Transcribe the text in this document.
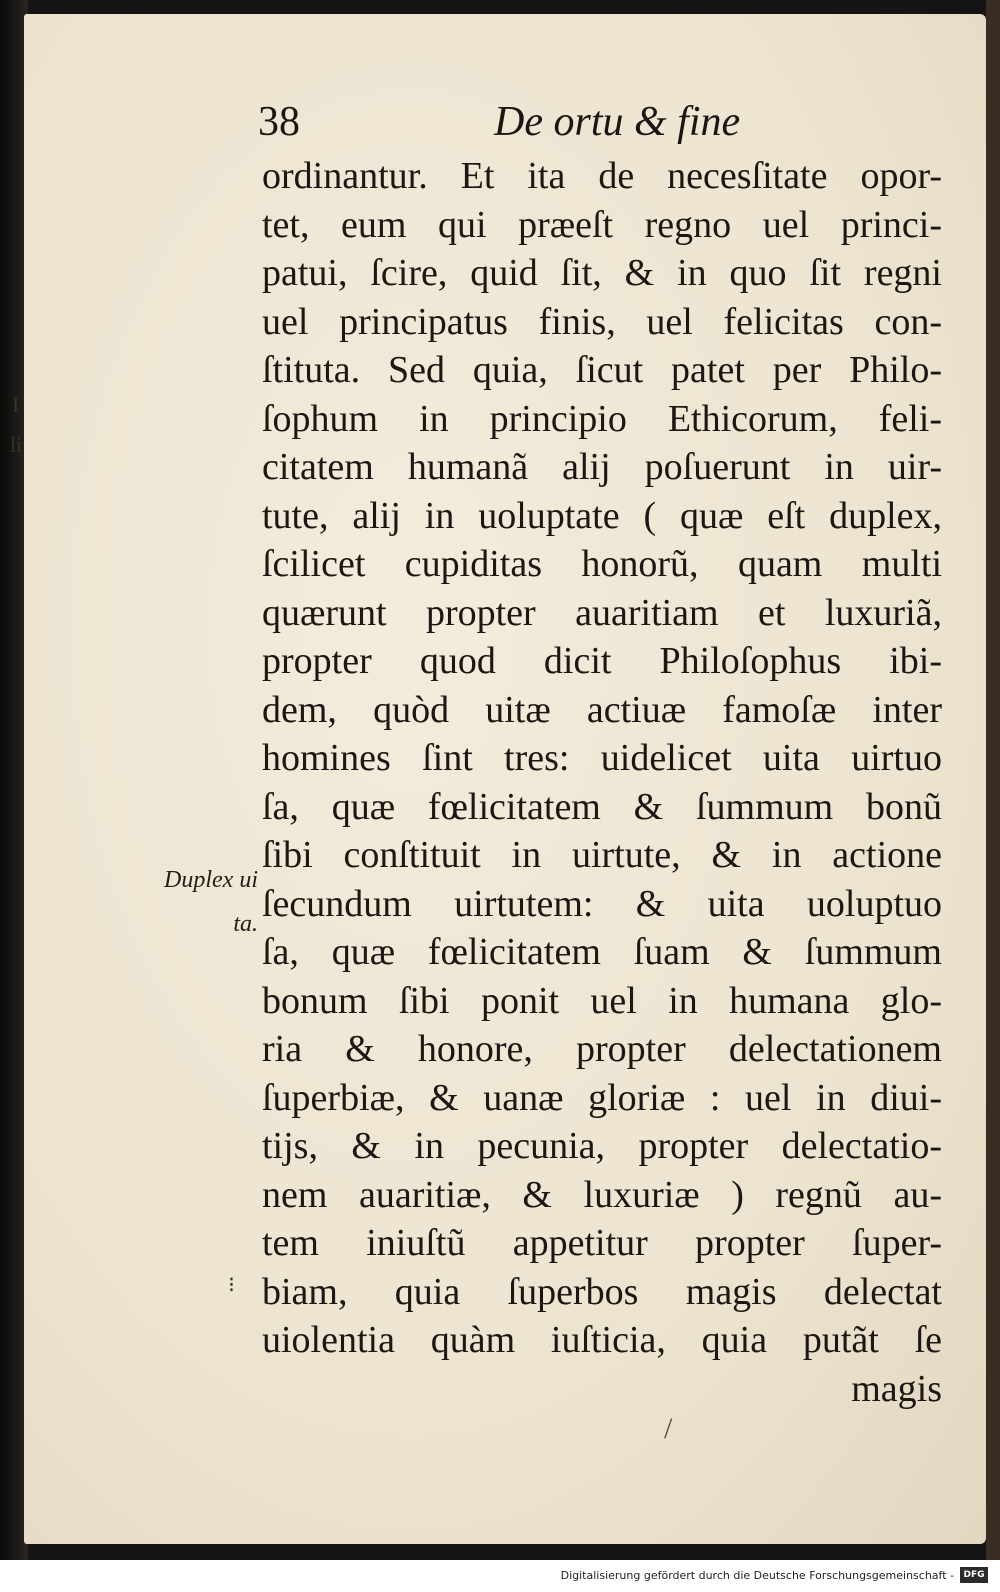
38	De ortu & fine
ordinantur. Et ita de necesſitate opor-
tet, eum qui præeſt regno uel princi-
patui, ſcire, quid ſit, & in quo ſit regni
uel principatus finis, uel felicitas con-
ſtituta. Sed quia, ſicut patet per Philo-
ſophum in principio Ethicorum, feli-
citatem humanã alij poſuerunt in uir-
tute, alij in uoluptate ( quæ eſt duplex,
ſcilicet cupiditas honorũ, quam multi
quærunt propter auaritiam et luxuriã,
propter quod dicit Philoſophus ibi-
dem, quòd uitæ actiuæ famoſæ inter
homines ſint tres: uidelicet uita uirtuo
ſa, quæ fœlicitatem & ſummum bonũ
ſibi conſtituit in uirtute, & in actione
ſecundum uirtutem: & uita uoluptuo
ſa, quæ fœlicitatem ſuam & ſummum
bonum ſibi ponit uel in humana glo-
ria & honore, propter delectationem
ſuperbiæ, & uanæ gloriæ : uel in diui-
tijs, & in pecunia, propter delectatio-
nem auaritiæ, & luxuriæ ) regnũ au-
tem iniuſtũ appetitur propter ſuper-
biam, quia ſuperbos magis delectat
uiolentia quàm iuſticia, quia putãt ſe
magis
Duplex ui
ta.
I
li
⁝
/
Digitalisierung gefördert durch die Deutsche Forschungsgemeinschaft -	DFG
